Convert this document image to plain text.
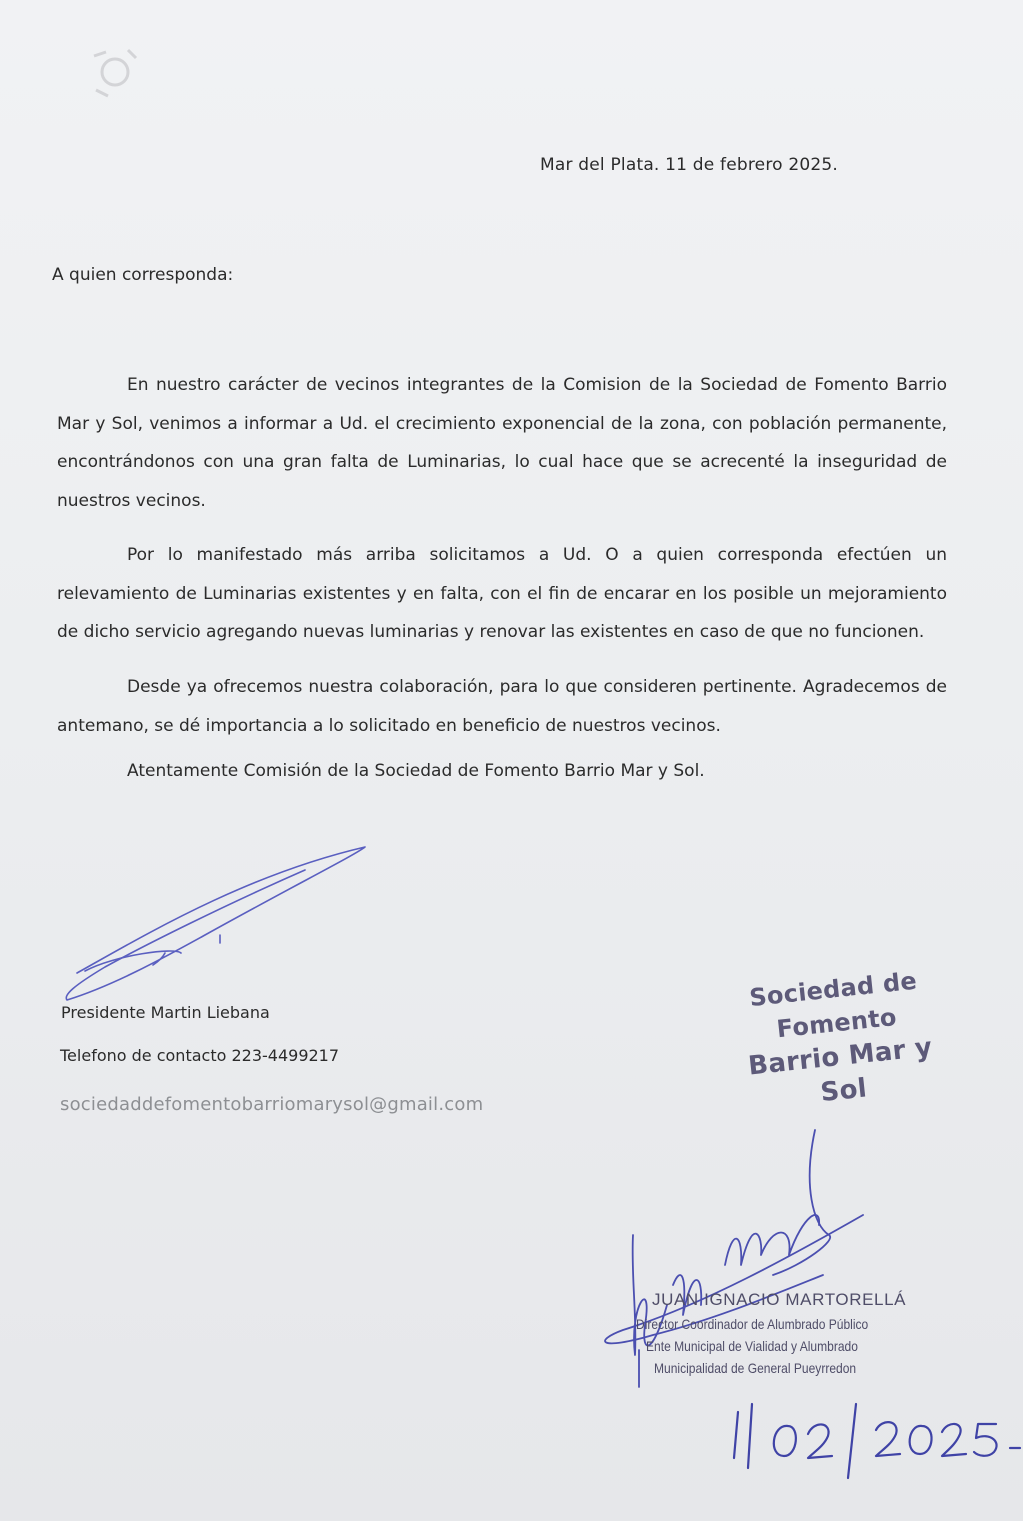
Mar del Plata. 11 de febrero 2025.
A quien corresponda:

En nuestro carácter de vecinos integrantes de la Comision de la Sociedad de Fomento Barrio Mar y Sol, venimos a informar a Ud. el crecimiento exponencial de la zona, con población permanente, encontrándonos con una gran falta de Luminarias, lo cual hace que se acrecenté la inseguridad de nuestros vecinos.

Por lo manifestado más arriba solicitamos a Ud. O a quien corresponda efectúen un relevamiento de Luminarias existentes y en falta, con el fin de encarar en los posible un mejoramiento de dicho servicio agregando nuevas luminarias y renovar las existentes en caso de que no funcionen.

Desde ya ofrecemos nuestra colaboración, para lo que consideren pertinente. Agradecemos de antemano, se dé importancia a lo solicitado en beneficio de nuestros vecinos.

Atentamente Comisión de la Sociedad de Fomento Barrio Mar y Sol.
Presidente Martin Liebana
Telefono de contacto 223-4499217
sociedaddefomentobarriomarysol@gmail.com
Sociedad de Fomento
Barrio Mar y Sol
JUAN IGNACIO MARTORELLÁ
Director Coordinador de Alumbrado Público
Ente Municipal de Vialidad y Alumbrado
Municipalidad de General Pueyrredon
